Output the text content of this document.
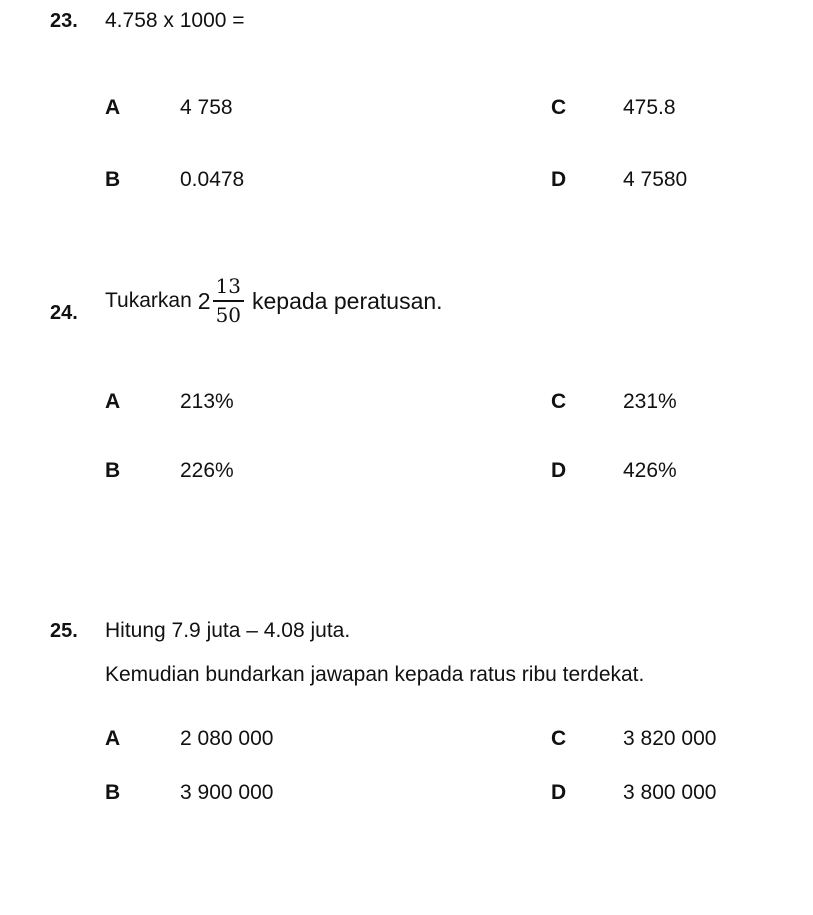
23. 4.758 x 1000 =
A	4 758	C	475.8
B	0.0478	D	4 7580
24.
Tukarkan $2 \frac{13}{50}$ kepada peratusan.
A	213%	C	231%
B	226%	D	426%
25. Hitung 7.9 juta – 4.08 juta.
Kemudian bundarkan jawapan kepada ratus ribu terdekat.
A	2 080 000	C	3 820 000
B	3 900 000	D	3 800 000
